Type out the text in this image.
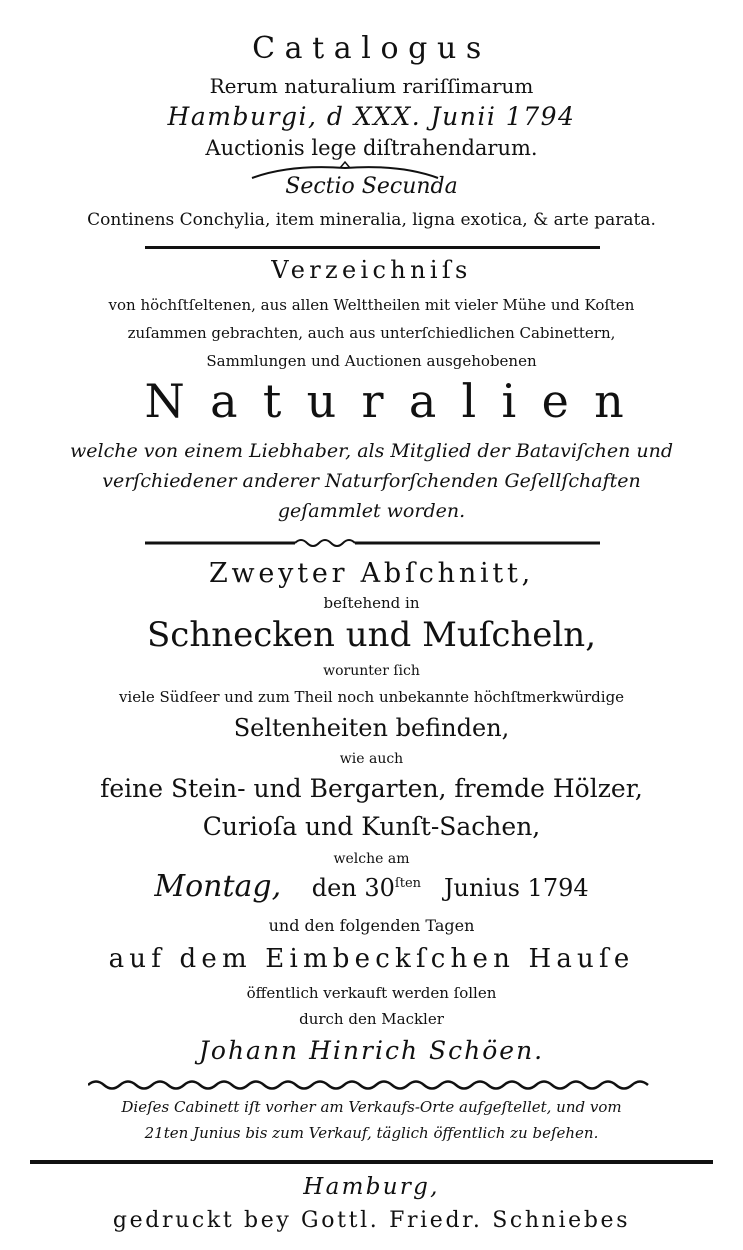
Catalogus
Rerum naturalium rariſſimarum
Hamburgi, d XXX. Junii 1794
Auctionis lege diſtrahendarum.
Sectio Secunda
Continens Conchylia, item mineralia, ligna exotica, & arte parata.
Verzeichniſs
von höchſtſeltenen, aus allen Welttheilen mit vieler Mühe und Koſten
zuſammen gebrachten, auch aus unterſchiedlichen Cabinettern,
Sammlungen und Auctionen ausgehobenen
Naturalien
welche von einem Liebhaber, als Mitglied der Bataviſchen und
verſchiedener anderer Naturforſchenden Geſellſchaften
geſammlet worden.
Zweyter Abſchnitt,
beſtehend in
Schnecken und Muſcheln,
worunter ſich
viele Südſeer und zum Theil noch unbekannte höchſtmerkwürdige
Seltenheiten befinden,
wie auch
feine Stein- und Bergarten, fremde Hölzer,
Curioſa und Kunſt-Sachen,
welche am
Montag, den $30^{ſten}$ Junius 1794
und den folgenden Tagen
auf dem Eimbeckſchen Hauſe
öffentlich verkauft werden ſollen
durch den Mackler
Johann Hinrich Schöen.
Dieſes Cabinett iſt vorher am Verkaufs-Orte aufgeſtellet, und vom
21ten Junius bis zum Verkauf, täglich öffentlich zu beſehen.
Hamburg,
gedruckt bey Gottl. Friedr. Schniebes
